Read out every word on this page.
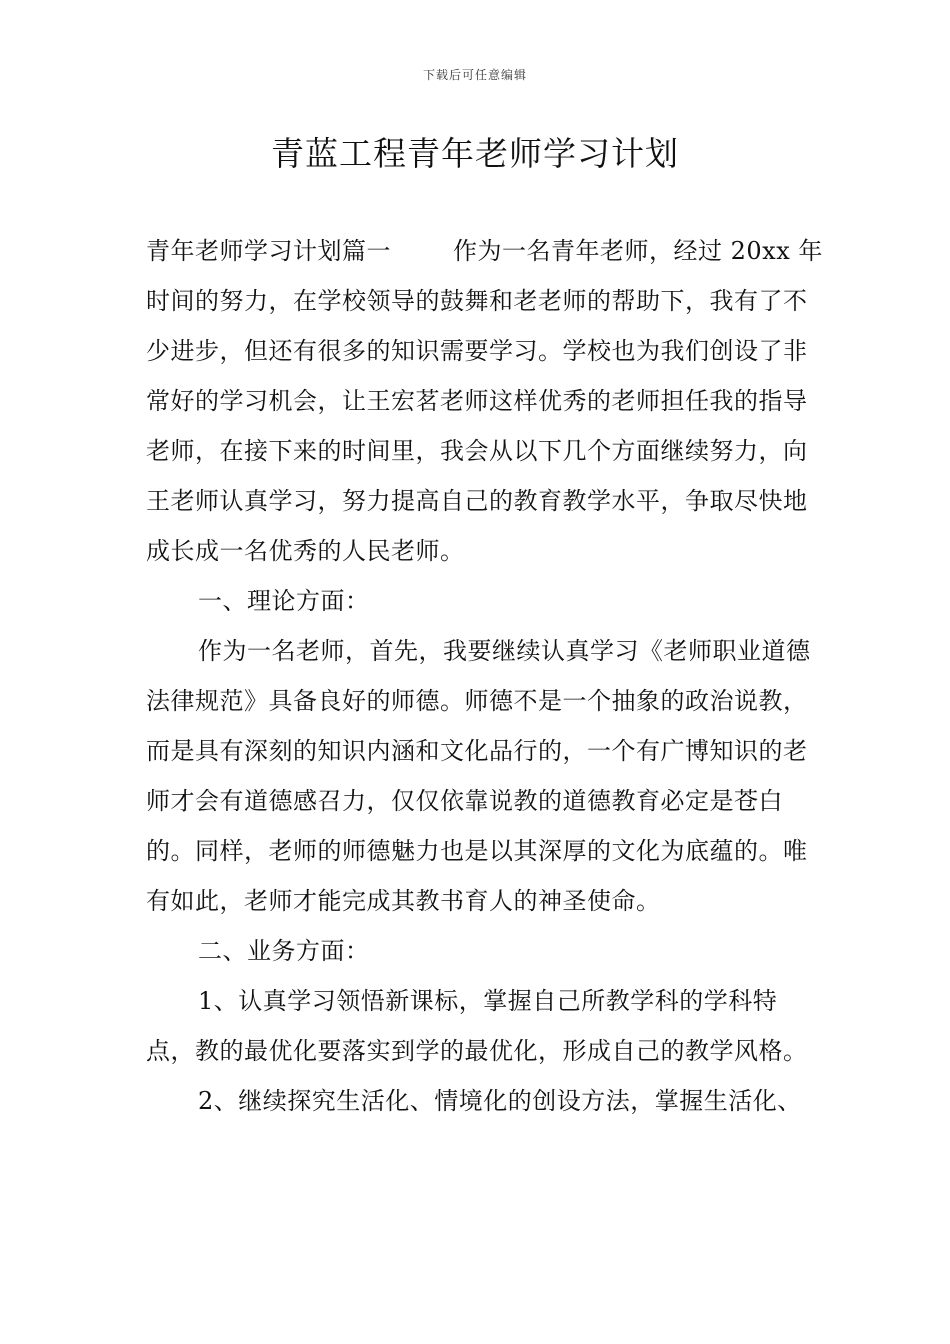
下载后可任意编辑
青蓝工程青年老师学习计划

青年老师学习计划篇一	作为一名青年老师，经过 20xx 年时间的努力，在学校领导的鼓舞和老老师的帮助下，我有了不少进步，但还有很多的知识需要学习。学校也为我们创设了非常好的学习机会，让王宏茗老师这样优秀的老师担任我的指导老师，在接下来的时间里，我会从以下几个方面继续努力，向王老师认真学习，努力提高自己的教育教学水平，争取尽快地成长成一名优秀的人民老师。

一、理论方面：

作为一名老师，首先，我要继续认真学习《老师职业道德法律规范》具备良好的师德。师德不是一个抽象的政治说教，而是具有深刻的知识内涵和文化品行的，一个有广博知识的老师才会有道德感召力，仅仅依靠说教的道德教育必定是苍白的。同样，老师的师德魅力也是以其深厚的文化为底蕴的。唯有如此，老师才能完成其教书育人的神圣使命。

二、业务方面：

1、认真学习领悟新课标，掌握自己所教学科的学科特点，教的最优化要落实到学的最优化，形成自己的教学风格。

2、继续探究生活化、情境化的创设方法，掌握生活化、
